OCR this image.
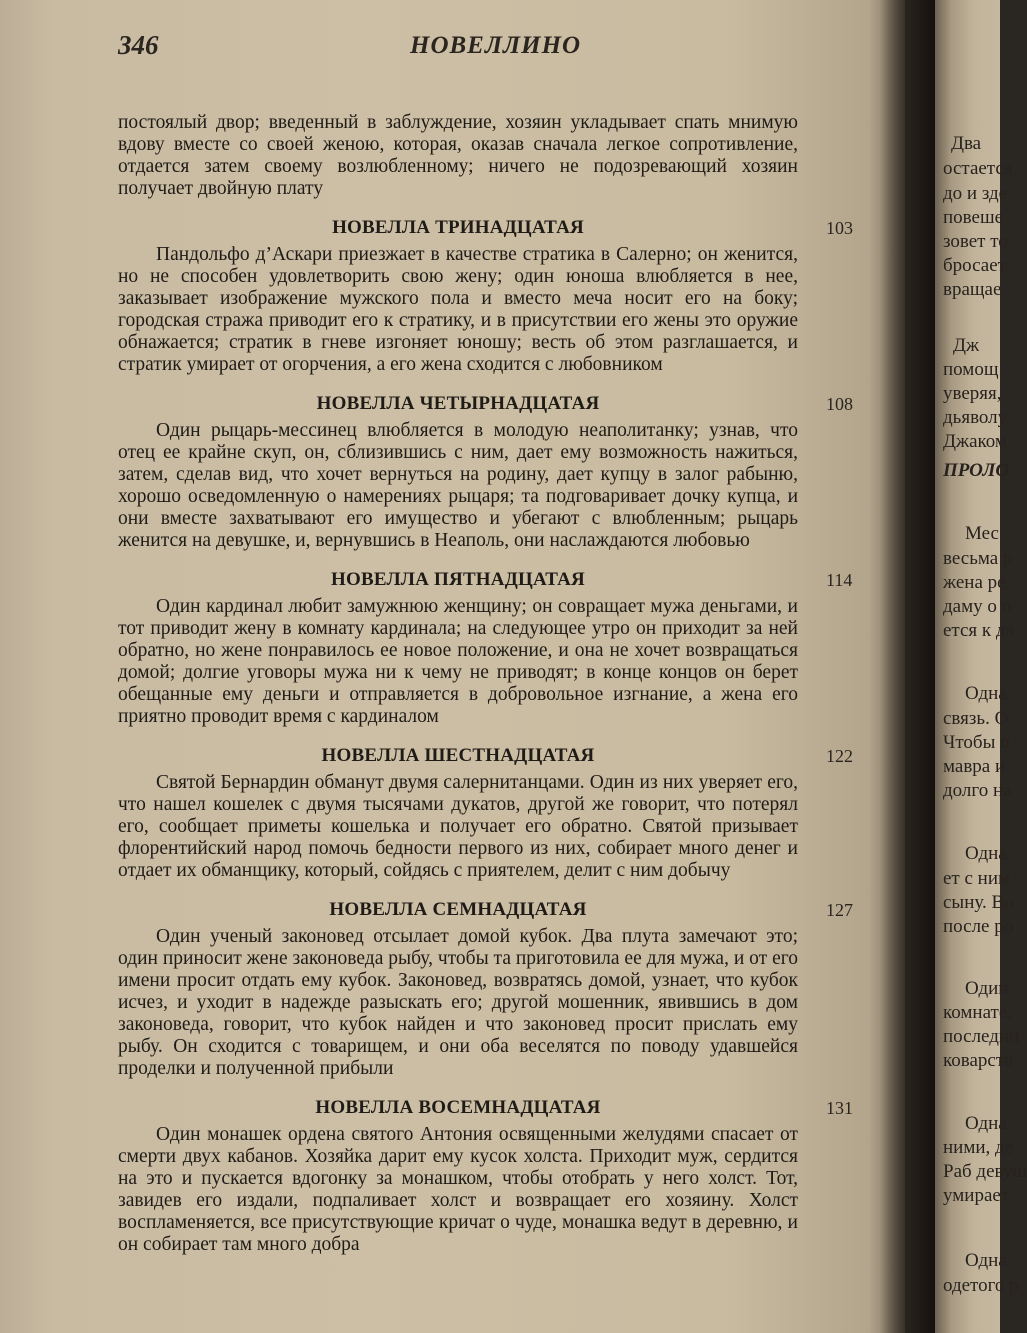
346	НОВЕЛЛИНО

постоялый двор; введенный в заблуждение, хозяин укладывает спать мнимую вдову вместе со своей женою, которая, оказав сначала легкое сопротивление, отдается затем своему возлюбленному; ничего не подозревающий хозяин получает двойную плату

НОВЕЛЛА ТРИНАДЦАТАЯ	103

Пандольфо д’Аскари приезжает в качестве стратика в Салерно; он женится, но не способен удовлетворить свою жену; один юноша влюбляется в нее, заказывает изображение мужского пола и вместо меча носит его на боку; городская стража приводит его к стратику, и в присутствии его жены это оружие обнажается; стратик в гневе изгоняет юношу; весть об этом разглашается, и стратик умирает от огорчения, а его жена сходится с любовником

НОВЕЛЛА ЧЕТЫРНАДЦАТАЯ	108

Один рыцарь-мессинец влюбляется в молодую неаполитанку; узнав, что отец ее крайне скуп, он, сблизившись с ним, дает ему возможность нажиться, затем, сделав вид, что хочет вернуться на родину, дает купцу в залог рабыню, хорошо осведомленную о намерениях рыцаря; та подговаривает дочку купца, и они вместе захватывают его имущество и убегают с влюбленным; рыцарь женится на девушке, и, вернувшись в Неаполь, они наслаждаются любовью

НОВЕЛЛА ПЯТНАДЦАТАЯ	114

Один кардинал любит замужнюю женщину; он совращает мужа деньгами, и тот приводит жену в комнату кардинала; на следующее утро он приходит за ней обратно, но жене понравилось ее новое положение, и она не хочет возвращаться домой; долгие уговоры мужа ни к чему не приводят; в конце концов он берет обещанные ему деньги и отправляется в добровольное изгнание, а жена его приятно проводит время с кардиналом

НОВЕЛЛА ШЕСТНАДЦАТАЯ	122

Святой Бернардин обманут двумя салернитанцами. Один из них уверяет его, что нашел кошелек с двумя тысячами дукатов, другой же говорит, что потерял его, сообщает приметы кошелька и получает его обратно. Святой призывает флорентийский народ помочь бедности первого из них, собирает много денег и отдает их обманщику, который, сойдясь с приятелем, делит с ним добычу

НОВЕЛЛА СЕМНАДЦАТАЯ	127

Один ученый законовед отсылает домой кубок. Два плута замечают это; один приносит жене законоведа рыбу, чтобы та приготовила ее для мужа, и от его имени просит отдать ему кубок. Законовед, возвратясь домой, узнает, что кубок исчез, и уходит в надежде разыскать его; другой мошенник, явившись в дом законоведа, говорит, что кубок найден и что законовед просит прислать ему рыбу. Он сходится с товарищем, и они оба веселятся по поводу удавшейся проделки и полученной прибыли

НОВЕЛЛА ВОСЕМНАДЦАТАЯ	131

Один монашек ордена святого Антония освященными желудями спасает от смерти двух кабанов. Хозяйка дарит ему кусок холста. Приходит муж, сердится на это и пускается вдогонку за монашком, чтобы отобрать у него холст. Тот, завидев его издали, подпаливает холст и возвращает его хозяину. Холст воспламеняется, все присутствующие кричат о чуде, монашка ведут в деревню, и он собирает там много добра

Два
остается
до и зде
повеше
зовет то
бросает
вращае
Дж
помощ
уверяя,
дьяволу
Джаком
ПРОЛО
Мес
весьма р
жена ре
даму о п
ется к да
Одна
связь. О
Чтобы о
мавра и
долго на
Одна
ет с ним
сыну. Во
после ро
Один
комнате;
последни
коварств
Одна
ними, де
Раб девуш
умирает
Одна
одетого р
